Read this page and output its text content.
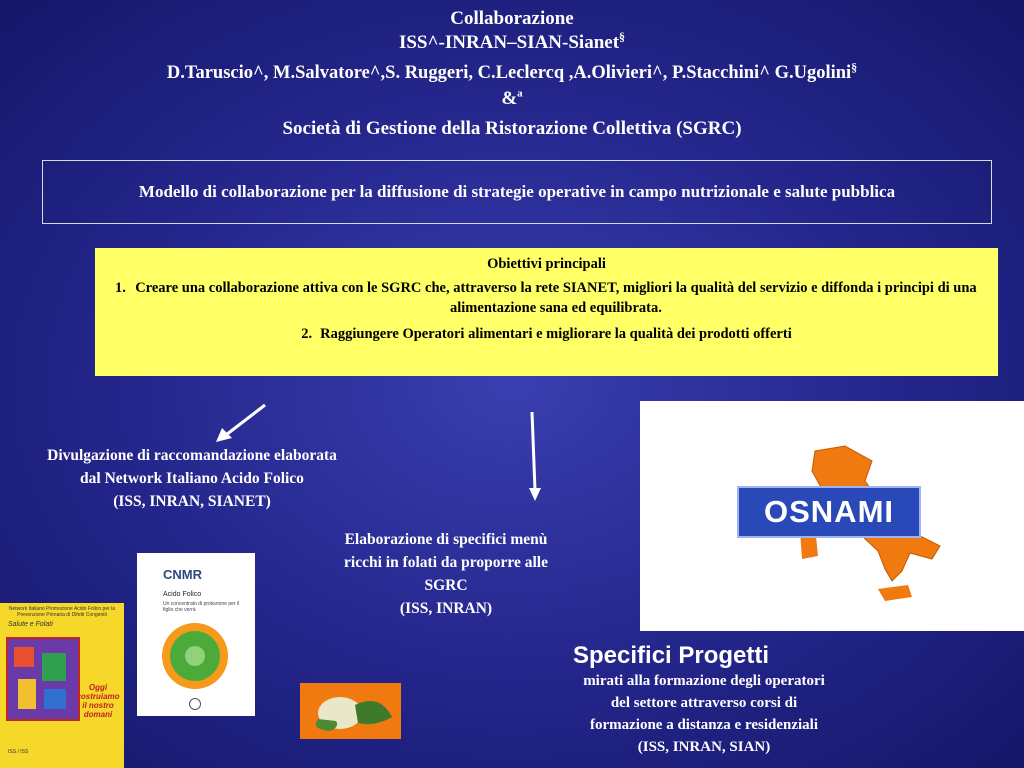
Collaborazione
ISS^-INRAN–SIAN-Sianet§
D.Taruscio^, M.Salvatore^,S. Ruggeri, C.Leclercq ,A.Olivieri^, P.Stacchini^ G.Ugolini§
&$^a$
Società di Gestione della Ristorazione Collettiva (SGRC)
Modello di collaborazione per la diffusione di strategie operative in campo nutrizionale e salute pubblica
Obiettivi principali
1. Creare una collaborazione attiva con le SGRC che, attraverso la rete SIANET, migliori la qualità del servizio e diffonda i principi di una alimentazione sana ed equilibrata.
2. Raggiungere Operatori alimentari e migliorare la qualità dei prodotti offerti
Divulgazione di raccomandazione elaborata
dal Network Italiano Acido Folico
(ISS, INRAN, SIANET)
Elaborazione di specifici menù
ricchi in folati da proporre alle
SGRC
(ISS, INRAN)
OSNAMI
Network Italiano Promozione Acido Folico per la Prevenzione Primaria di Difetti Congeniti
Salute e Folati
Oggi costruiamo il nostro domani
ISS / ISS
CNMR
Acido Folico
Un concentrato di protezione per il figlio che verrà
Specifici Progetti
mirati alla formazione degli operatori
del settore attraverso corsi di
formazione a distanza e residenziali
(ISS, INRAN, SIAN)
